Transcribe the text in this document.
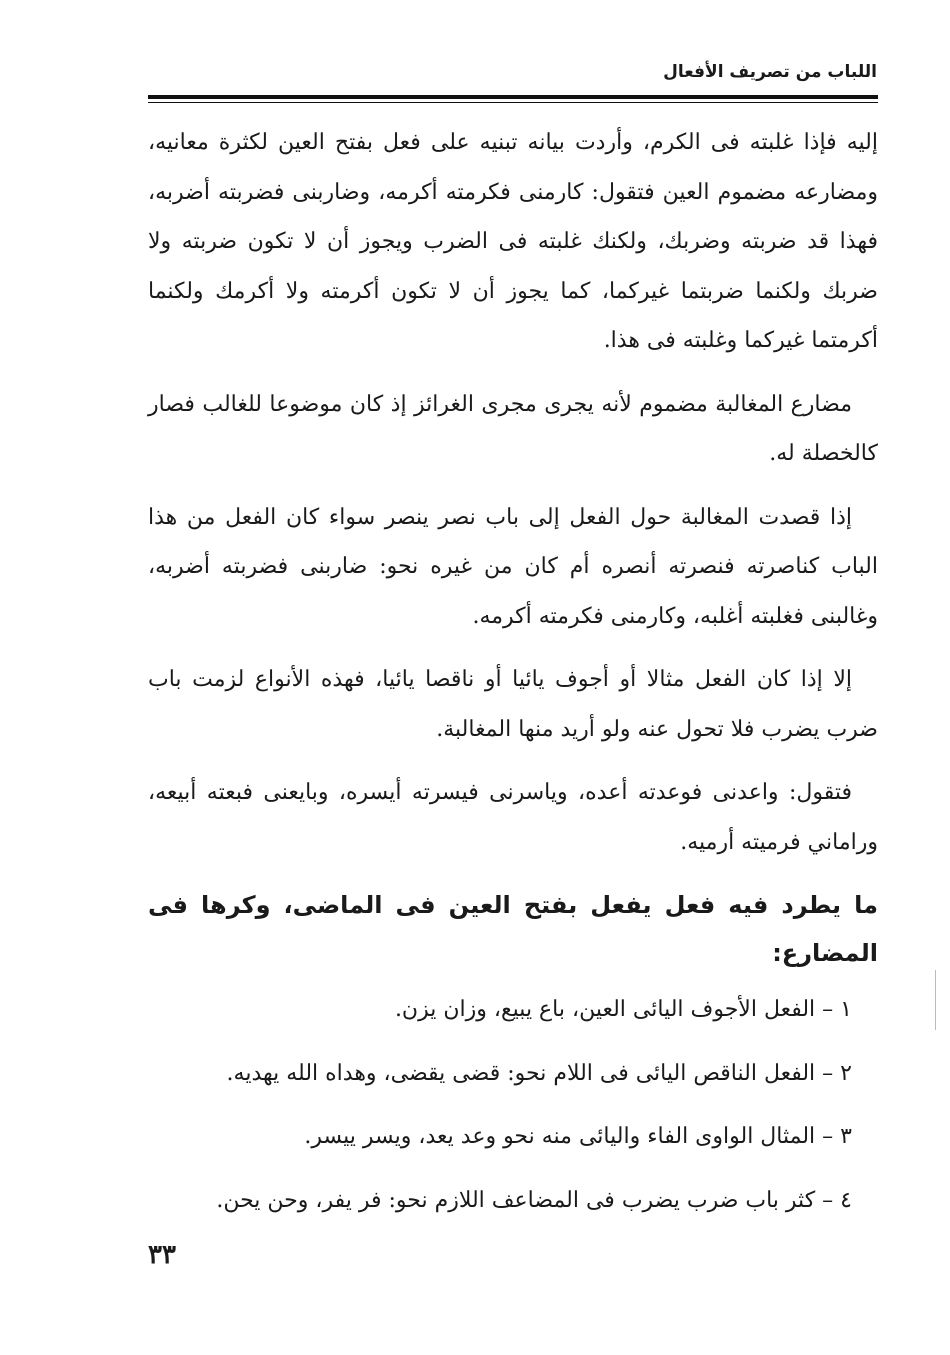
اللباب من تصريف الأفعال

إليه فإذا غلبته فى الكرم، وأردت بيانه تبنيه على فعل بفتح العين لكثرة معانيه، ومضارعه مضموم العين فتقول: كارمنى فكرمته أكرمه، وضاربنى فضربته أضربه، فهذا قد ضربته وضربك، ولكنك غلبته فى الضرب ويجوز أن لا تكون ضربته ولا ضربك ولكنما ضربتما غيركما، كما يجوز أن لا تكون أكرمته ولا أكرمك ولكنما أكرمتما غيركما وغلبته فى هذا.

مضارع المغالبة مضموم لأنه يجرى مجرى الغرائز إذ كان موضوعا للغالب فصار كالخصلة له.

إذا قصدت المغالبة حول الفعل إلى باب نصر ينصر سواء كان الفعل من هذا الباب كناصرته فنصرته أنصره أم كان من غيره نحو: ضاربنى فضربته أضربه، وغالبنى فغلبته أغلبه، وكارمنى فكرمته أكرمه.

إلا إذا كان الفعل مثالا أو أجوف يائيا أو ناقصا يائيا، فهذه الأنواع لزمت باب ضرب يضرب فلا تحول عنه ولو أريد منها المغالبة.

فتقول: واعدنى فوعدته أعده، وياسرنى فيسرته أيسره، وبايعنى فبعته أبيعه، وراماني فرميته أرميه.

ما يطرد فيه فعل يفعل بفتح العين فى الماضى، وكرها فى المضارع:

١ – الفعل الأجوف اليائى العين، باع يبيع، وزان يزن.

٢ – الفعل الناقص اليائى فى اللام نحو: قضى يقضى، وهداه الله يهديه.

٣ – المثال الواوى الفاء واليائى منه نحو وعد يعد، ويسر ييسر.

٤ – كثر باب ضرب يضرب فى المضاعف اللازم نحو: فر يفر، وحن يحن.

٣٣
